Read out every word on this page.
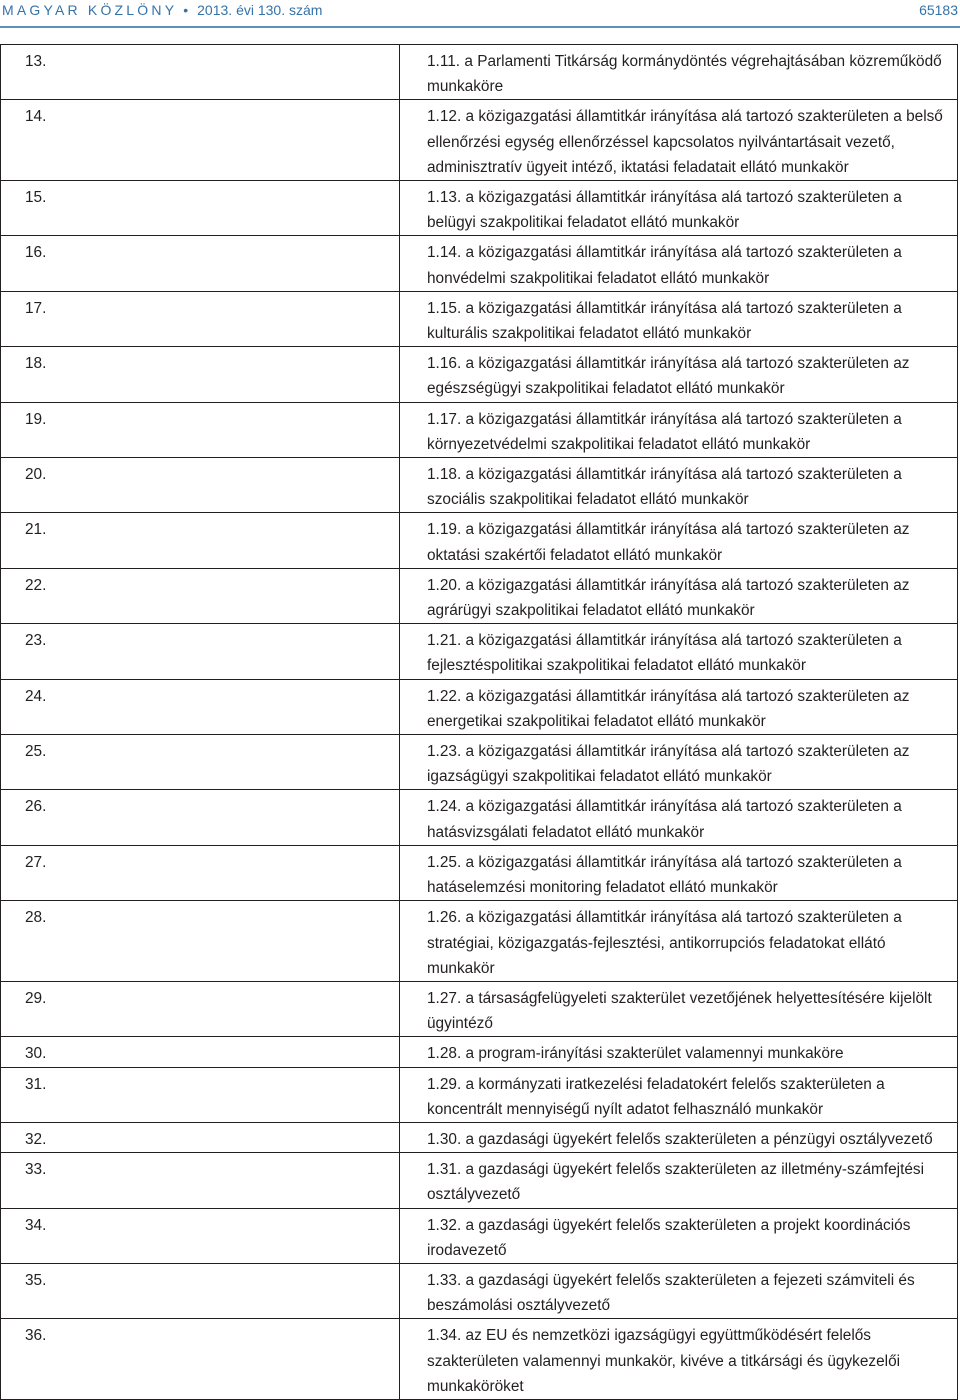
MAGYAR KÖZLÖNY • 2013. évi 130. szám	65183
13.	1.11. a Parlamenti Titkárság kormánydöntés végrehajtásában közreműködő munkaköre
14.	1.12. a közigazgatási államtitkár irányítása alá tartozó szakterületen a belső ellenőrzési egység ellenőrzéssel kapcsolatos nyilvántartásait vezető, adminisztratív ügyeit intéző, iktatási feladatait ellátó munkakör
15.	1.13. a közigazgatási államtitkár irányítása alá tartozó szakterületen a belügyi szakpolitikai feladatot ellátó munkakör
16.	1.14. a közigazgatási államtitkár irányítása alá tartozó szakterületen a honvédelmi szakpolitikai feladatot ellátó munkakör
17.	1.15. a közigazgatási államtitkár irányítása alá tartozó szakterületen a kulturális szakpolitikai feladatot ellátó munkakör
18.	1.16. a közigazgatási államtitkár irányítása alá tartozó szakterületen az egészségügyi szakpolitikai feladatot ellátó munkakör
19.	1.17. a közigazgatási államtitkár irányítása alá tartozó szakterületen a környezetvédelmi szakpolitikai feladatot ellátó munkakör
20.	1.18. a közigazgatási államtitkár irányítása alá tartozó szakterületen a szociális szakpolitikai feladatot ellátó munkakör
21.	1.19. a közigazgatási államtitkár irányítása alá tartozó szakterületen az oktatási szakértői feladatot ellátó munkakör
22.	1.20. a közigazgatási államtitkár irányítása alá tartozó szakterületen az agrárügyi szakpolitikai feladatot ellátó munkakör
23.	1.21. a közigazgatási államtitkár irányítása alá tartozó szakterületen a fejlesztéspolitikai szakpolitikai feladatot ellátó munkakör
24.	1.22. a közigazgatási államtitkár irányítása alá tartozó szakterületen az energetikai szakpolitikai feladatot ellátó munkakör
25.	1.23. a közigazgatási államtitkár irányítása alá tartozó szakterületen az igazságügyi szakpolitikai feladatot ellátó munkakör
26.	1.24. a közigazgatási államtitkár irányítása alá tartozó szakterületen a hatásvizsgálati feladatot ellátó munkakör
27.	1.25. a közigazgatási államtitkár irányítása alá tartozó szakterületen a hatáselemzési monitoring feladatot ellátó munkakör
28.	1.26. a közigazgatási államtitkár irányítása alá tartozó szakterületen a stratégiai, közigazgatás-fejlesztési, antikorrupciós feladatokat ellátó munkakör
29.	1.27. a társaságfelügyeleti szakterület vezetőjének helyettesítésére kijelölt ügyintéző
30.	1.28. a program-irányítási szakterület valamennyi munkaköre
31.	1.29. a kormányzati iratkezelési feladatokért felelős szakterületen a koncentrált mennyiségű nyílt adatot felhasználó munkakör
32.	1.30. a gazdasági ügyekért felelős szakterületen a pénzügyi osztályvezető
33.	1.31. a gazdasági ügyekért felelős szakterületen az illetmény-számfejtési osztályvezető
34.	1.32. a gazdasági ügyekért felelős szakterületen a projekt koordinációs irodavezető
35.	1.33. a gazdasági ügyekért felelős szakterületen a fejezeti számviteli és beszámolási osztályvezető
36.	1.34. az EU és nemzetközi igazságügyi együttműködésért felelős szakterületen valamennyi munkakör, kivéve a titkársági és ügykezelői munkaköröket
